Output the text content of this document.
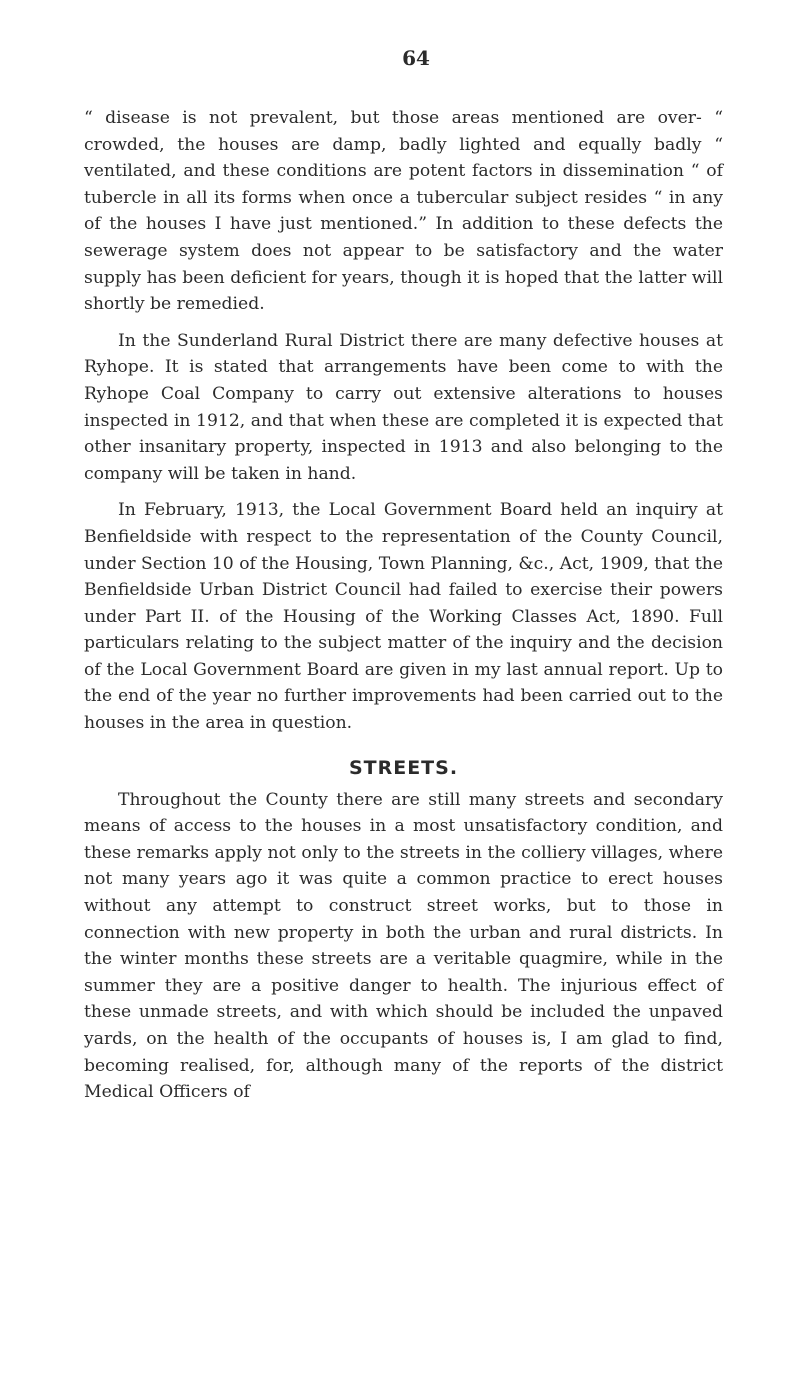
64

“ disease is not prevalent, but those areas mentioned are over- “ crowded, the houses are damp, badly lighted and equally badly “ ventilated, and these conditions are potent factors in dissemination “ of tubercle in all its forms when once a tubercular subject resides “ in any of the houses I have just mentioned.” In addition to these defects the sewerage system does not appear to be satisfactory and the water supply has been deficient for years, though it is hoped that the latter will shortly be remedied.

In the Sunderland Rural District there are many defective houses at Ryhope. It is stated that arrangements have been come to with the Ryhope Coal Company to carry out extensive alterations to houses inspected in 1912, and that when these are completed it is expected that other insanitary property, inspected in 1913 and also belonging to the company will be taken in hand.

In February, 1913, the Local Government Board held an inquiry at Benfieldside with respect to the representation of the County Council, under Section 10 of the Housing, Town Planning, &c., Act, 1909, that the Benfieldside Urban District Council had failed to exercise their powers under Part II. of the Housing of the Working Classes Act, 1890. Full particulars relating to the subject matter of the inquiry and the decision of the Local Government Board are given in my last annual report. Up to the end of the year no further improvements had been carried out to the houses in the area in question.

STREETS.

Throughout the County there are still many streets and secondary means of access to the houses in a most unsatisfactory condition, and these remarks apply not only to the streets in the colliery villages, where not many years ago it was quite a common practice to erect houses without any attempt to construct street works, but to those in connection with new property in both the urban and rural districts. In the winter months these streets are a veritable quagmire, while in the summer they are a positive danger to health. The injurious effect of these unmade streets, and with which should be included the unpaved yards, on the health of the occupants of houses is, I am glad to find, becoming realised, for, although many of the reports of the district Medical Officers of
